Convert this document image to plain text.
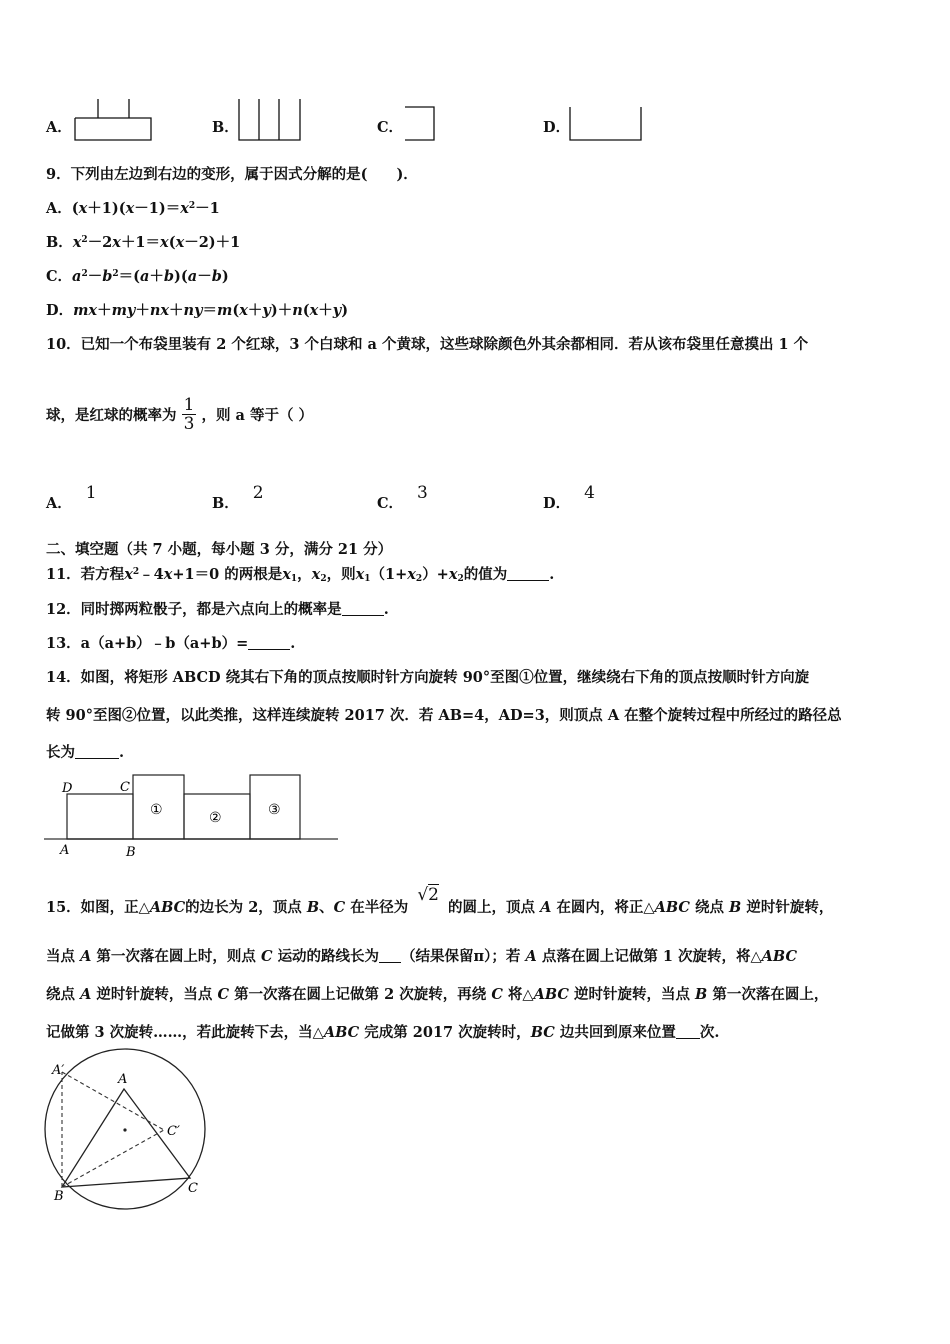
A．	B．	C．	D．
9．下列由左边到右边的变形，属于因式分解的是(　　)．
A．$(x+1)(x-1)=x^2-1$
B．$x^2-2x+1=x(x-2)+1$
C．$a^2-b^2=(a+b)(a-b)$
D．mx＋my＋nx＋ny＝m(x＋y)＋n(x＋y)
10．已知一个布袋里装有 2 个红球，3 个白球和 a 个黄球，这些球除颜色外其余都相同．若从该布袋里任意摸出 1 个
球，是红球的概率为 $\frac{1}{3}$ ，则 a 等于（ ）
A．1
B．2
C．3
D．4
二、填空题（共 7 小题，每小题 3 分，满分 21 分）
11．若方程$x^2﹣4x+1=0$ 的两根是$x_1$，$x_2$，则$x_1(1+x_2)+x_2$的值为	.
12．同时掷两粒骰子，都是六点向上的概率是	.
13．a（a+b）﹣b（a+b）=	.
14．如图，将矩形 ABCD 绕其右下角的顶点按顺时针方向旋转 90°至图①位置，继续绕右下角的顶点按顺时针方向旋
转 90°至图②位置，以此类推，这样连续旋转 2017 次．若 AB=4，AD=3，则顶点 A 在整个旋转过程中所经过的路径总
长为	.
D	C
A	B
①	②	③
15．如图，正△ABC的边长为 2，顶点 B、C 在半径为 √2 的圆上，顶点 A 在圆内，将正△ABC 绕点 B 逆时针旋转，
当点 A 第一次落在圆上时，则点 C 运动的路线长为 （结果保留π）；若 A 点落在圆上记做第 1 次旋转，将△ABC
绕点 A 逆时针旋转，当点 C 第一次落在圆上记做第 2 次旋转，再绕 C 将△ABC 逆时针旋转，当点 B 第一次落在圆上，
记做第 3 次旋转……，若此旋转下去，当△ABC 完成第 2017 次旋转时，BC 边共回到原来位置 次.
A′
A
C′
B
C
